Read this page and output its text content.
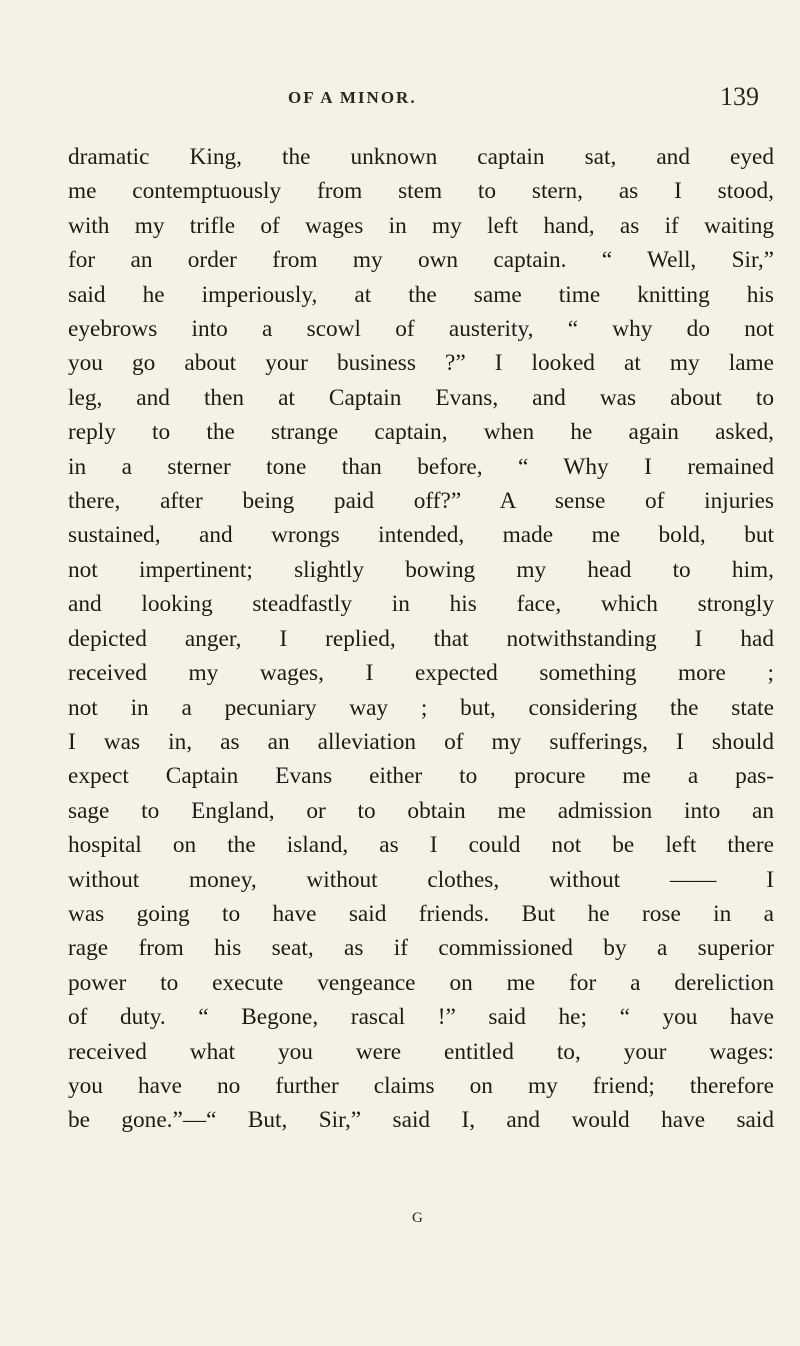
OF A MINOR.	139
dramatic King, the unknown captain sat, and eyed
me contemptuously from stem to stern, as I stood,
with my trifle of wages in my left hand, as if waiting
for an order from my own captain. “ Well, Sir,”
said he imperiously, at the same time knitting his
eyebrows into a scowl of austerity, “ why do not
you go about your business ?” I looked at my lame
leg, and then at Captain Evans, and was about to
reply to the strange captain, when he again asked,
in a sterner tone than before, “ Why I remained
there, after being paid off?” A sense of injuries
sustained, and wrongs intended, made me bold, but
not impertinent; slightly bowing my head to him,
and looking steadfastly in his face, which strongly
depicted anger, I replied, that notwithstanding I had
received my wages, I expected something more ;
not in a pecuniary way ; but, considering the state
I was in, as an alleviation of my sufferings, I should
expect Captain Evans either to procure me a pas-
sage to England, or to obtain me admission into an
hospital on the island, as I could not be left there
without money, without clothes, without —— I
was going to have said friends. But he rose in a
rage from his seat, as if commissioned by a superior
power to execute vengeance on me for a dereliction
of duty. “ Begone, rascal !” said he; “ you have
received what you were entitled to, your wages:
you have no further claims on my friend; therefore
be gone.”—“ But, Sir,” said I, and would have said
G
